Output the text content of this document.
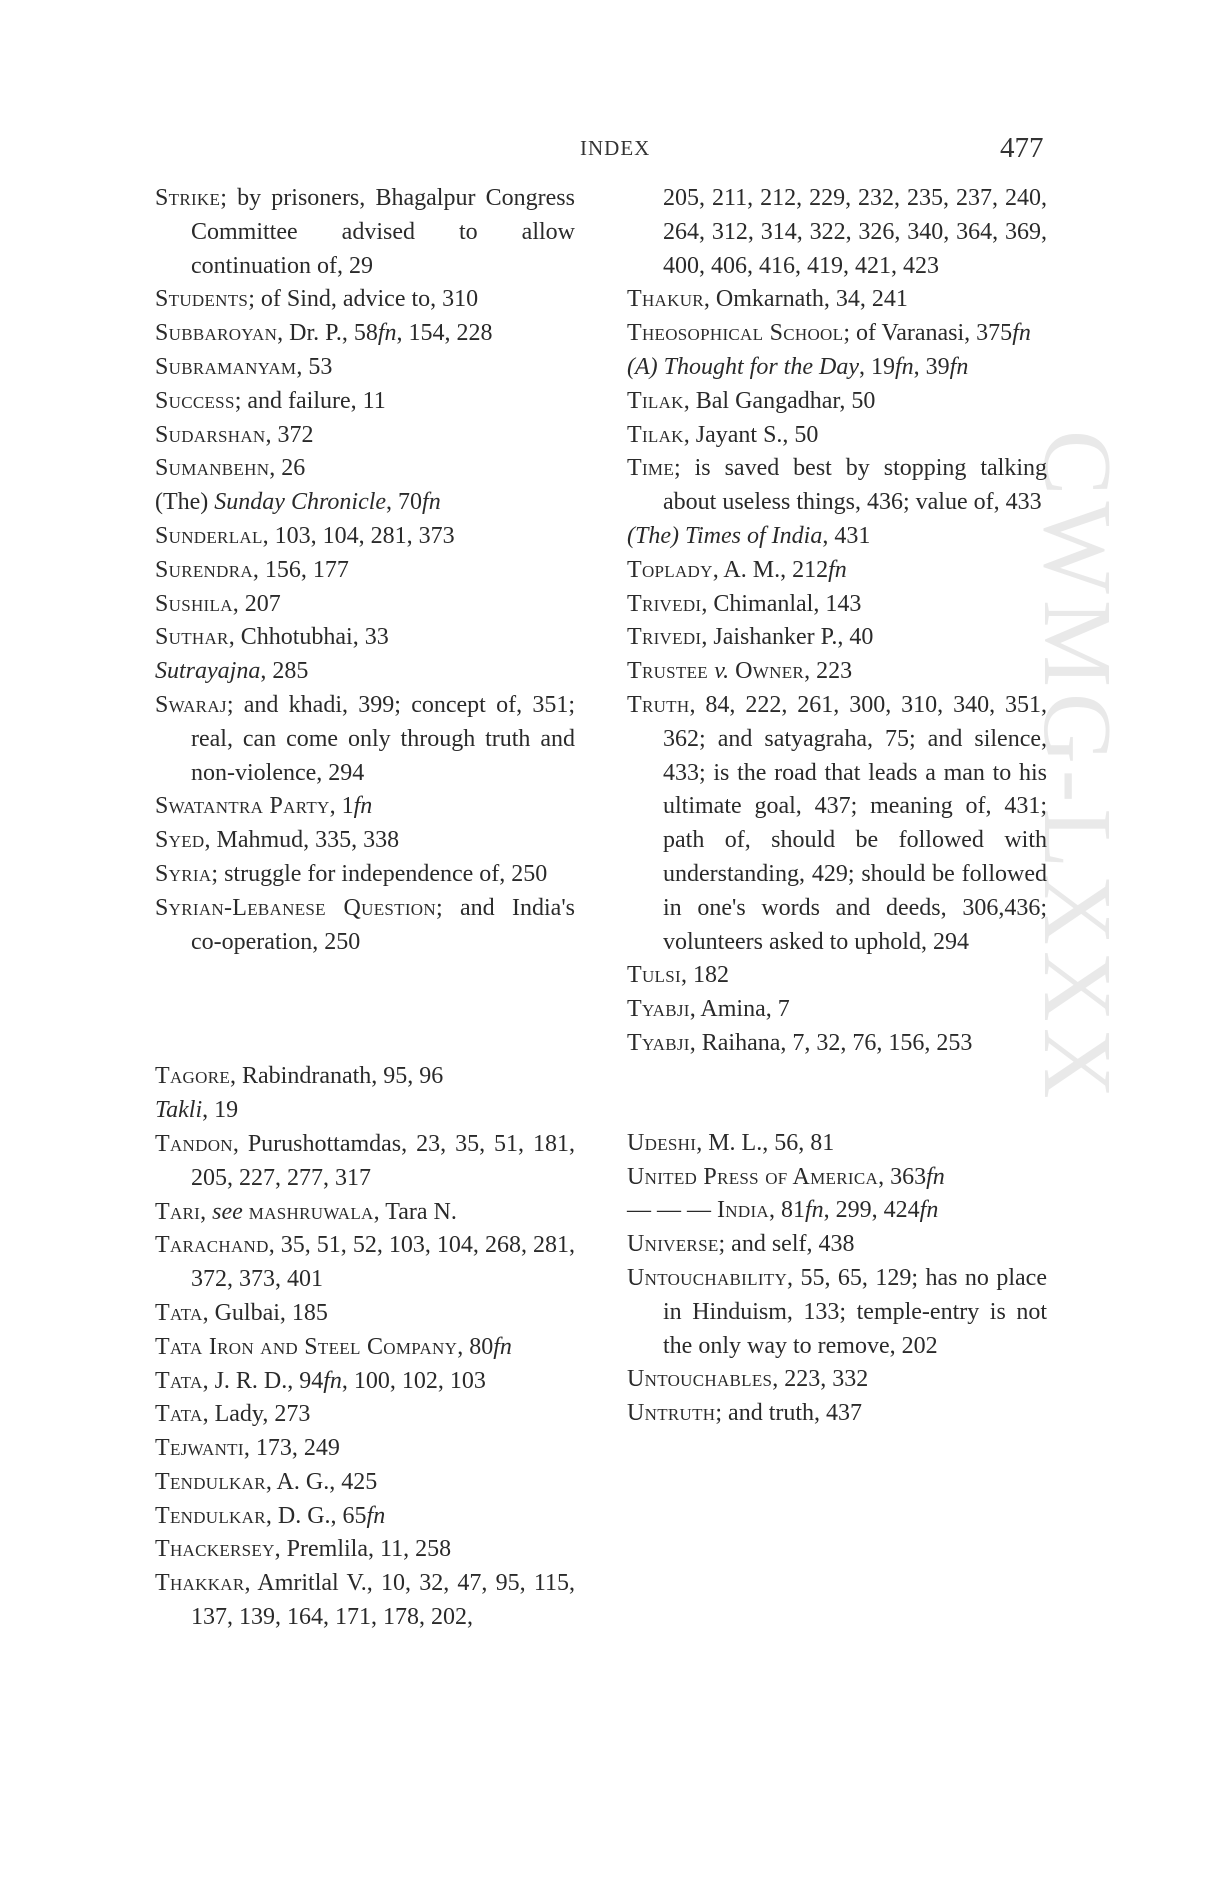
CWMG-LXXX
INDEX	477
Strike; by prisoners, Bhagalpur Congress Committee advised to allow continuation of, 29
Students; of Sind, advice to, 310
Subbaroyan, Dr. P., 58fn, 154, 228
Subramanyam, 53
Success; and failure, 11
Sudarshan, 372
Sumanbehn, 26
(The) Sunday Chronicle, 70fn
Sunderlal, 103, 104, 281, 373
Surendra, 156, 177
Sushila, 207
Suthar, Chhotubhai, 33
Sutrayajna, 285
Swaraj; and khadi, 399; concept of, 351; real, can come only through truth and non-violence, 294
Swatantra Party, 1fn
Syed, Mahmud, 335, 338
Syria; struggle for independence of, 250
Syrian-Lebanese Question; and India's co-operation, 250
Tagore, Rabindranath, 95, 96
Takli, 19
Tandon, Purushottamdas, 23, 35, 51, 181, 205, 227, 277, 317
Tari, see mashruwala, Tara N.
Tarachand, 35, 51, 52, 103, 104, 268, 281, 372, 373, 401
Tata, Gulbai, 185
Tata Iron and Steel Company, 80fn
Tata, J. R. D., 94fn, 100, 102, 103
Tata, Lady, 273
Tejwanti, 173, 249
Tendulkar, A. G., 425
Tendulkar, D. G., 65fn
Thackersey, Premlila, 11, 258
Thakkar, Amritlal V., 10, 32, 47, 95, 115, 137, 139, 164, 171, 178, 202,
205, 211, 212, 229, 232, 235, 237, 240, 264, 312, 314, 322, 326, 340, 364, 369, 400, 406, 416, 419, 421, 423
Thakur, Omkarnath, 34, 241
Theosophical School; of Varanasi, 375fn
(A) Thought for the Day, 19fn, 39fn
Tilak, Bal Gangadhar, 50
Tilak, Jayant S., 50
Time; is saved best by stopping talking about useless things, 436; value of, 433
(The) Times of India, 431
Toplady, A. M., 212fn
Trivedi, Chimanlal, 143
Trivedi, Jaishanker P., 40
Trustee v. Owner, 223
Truth, 84, 222, 261, 300, 310, 340, 351, 362; and satyagraha, 75; and silence, 433; is the road that leads a man to his ultimate goal, 437; meaning of, 431; path of, should be followed with understanding, 429; should be followed in one's words and deeds, 306,436; volunteers asked to uphold, 294
Tulsi, 182
Tyabji, Amina, 7
Tyabji, Raihana, 7, 32, 76, 156, 253
Udeshi, M. L., 56, 81
United Press of America, 363fn
— — — India, 81fn, 299, 424fn
Universe; and self, 438
Untouchability, 55, 65, 129; has no place in Hinduism, 133; temple-entry is not the only way to remove, 202
Untouchables, 223, 332
Untruth; and truth, 437
